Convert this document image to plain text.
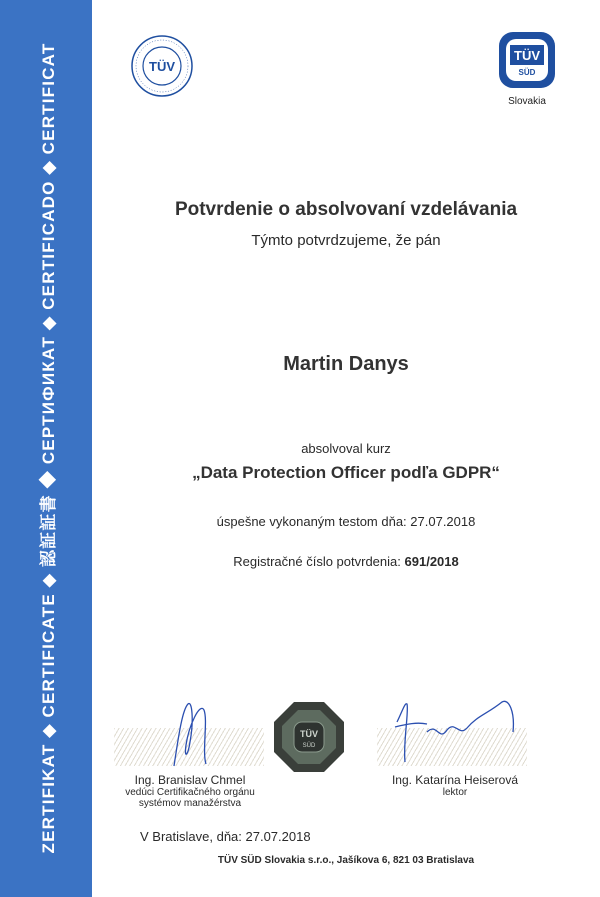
ZERTIFIKAT ◆ CERTIFICATE ◆ 認証証書 ◆ СЕРТИФИКАТ ◆ CERTIFICADO ◆ CERTIFICAT	TÜV
TÜV
SÜD
Slovakia
Potvrdenie o absolvovaní vzdelávania
Týmto potvrdzujeme, že pán
Martin Danys
absolvoval kurz
„Data Protection Officer podľa GDPR“
úspešne vykonaným testom dňa: 27.07.2018
Registračné číslo potvrdenia: 691/2018
TÜV
SÜD
Ing. Branislav Chmel
vedúci Certifikačného orgánu
systémov manažérstva
Ing. Katarína Heiserová
lektor
V Bratislave, dňa: 27.07.2018
TÜV SÜD Slovakia s.r.o., Jašíkova 6, 821 03 Bratislava
